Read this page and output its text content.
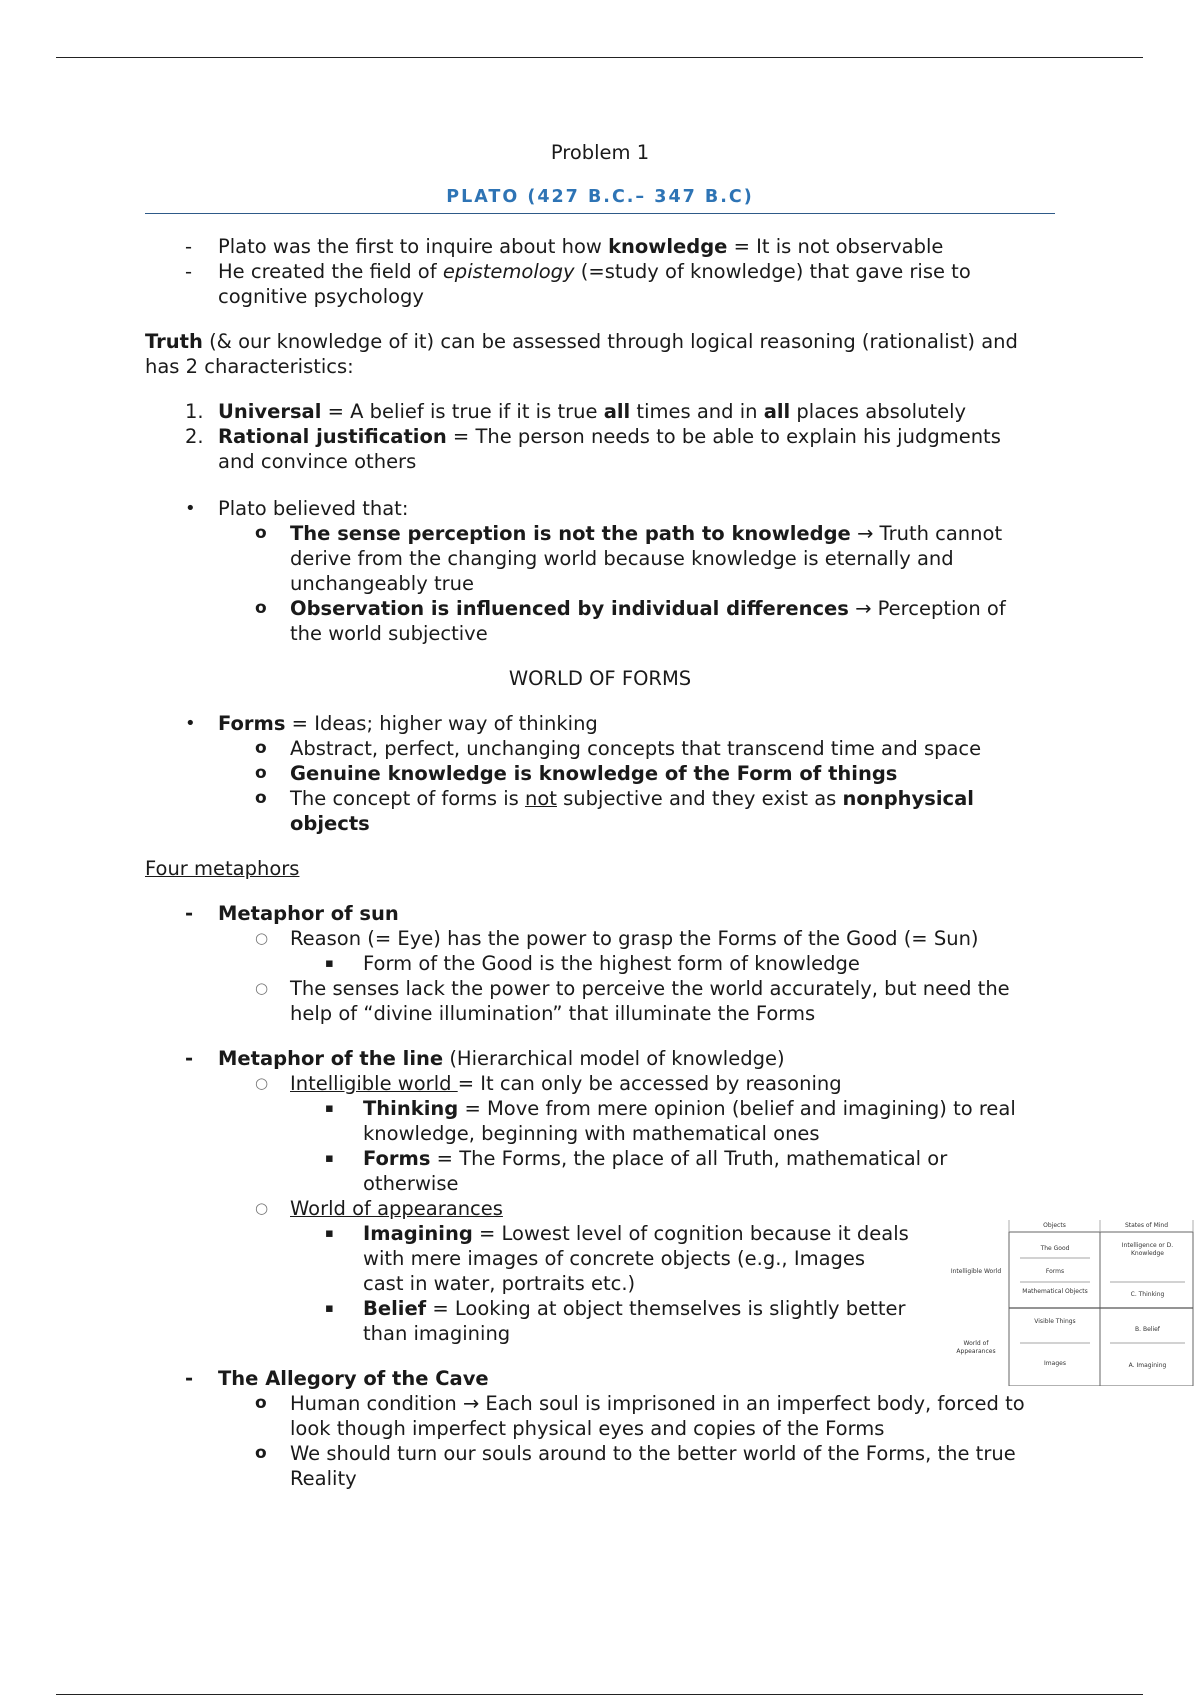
Problem 1
PLATO (427 B.C.– 347 B.C)
- Plato was the first to inquire about how knowledge = It is not observable
- He created the field of epistemology (=study of knowledge) that gave rise to
cognitive psychology

Truth (& our knowledge of it) can be assessed through logical reasoning (rationalist) and
has 2 characteristics:

1. Universal = A belief is true if it is true all times and in all places absolutely
2. Rational justification = The person needs to be able to explain his judgments
and convince others
• Plato believed that:
o The sense perception is not the path to knowledge → Truth cannot
derive from the changing world because knowledge is eternally and
unchangeably true
o Observation is influenced by individual differences → Perception of
the world subjective
WORLD OF FORMS
• Forms = Ideas; higher way of thinking
o Abstract, perfect, unchanging concepts that transcend time and space
o Genuine knowledge is knowledge of the Form of things
o The concept of forms is not subjective and they exist as nonphysical
objects
Four metaphors
- Metaphor of sun
○ Reason (= Eye) has the power to grasp the Forms of the Good (= Sun)
▪ Form of the Good is the highest form of knowledge
○ The senses lack the power to perceive the world accurately, but need the
help of “divine illumination” that illuminate the Forms
- Metaphor of the line (Hierarchical model of knowledge)
○ Intelligible world = It can only be accessed by reasoning
▪ Thinking = Move from mere opinion (belief and imagining) to real
knowledge, beginning with mathematical ones
▪ Forms = The Forms, the place of all Truth, mathematical or
otherwise
○ World of appearances
▪ Imagining = Lowest level of cognition because it deals
with mere images of concrete objects (e.g., Images
cast in water, portraits etc.)
▪ Belief = Looking at object themselves is slightly better
than imagining
- The Allegory of the Cave
o Human condition → Each soul is imprisoned in an imperfect body, forced to
look though imperfect physical eyes and copies of the Forms
o We should turn our souls around to the better world of the Forms, the true
Reality
Objects	States of Mind
Intelligible World
World of Appearances
The Good
Forms
Mathematical Objects
Visible Things
Images
Intelligence or D. Knowledge
C. Thinking
B. Belief
A. Imagining
